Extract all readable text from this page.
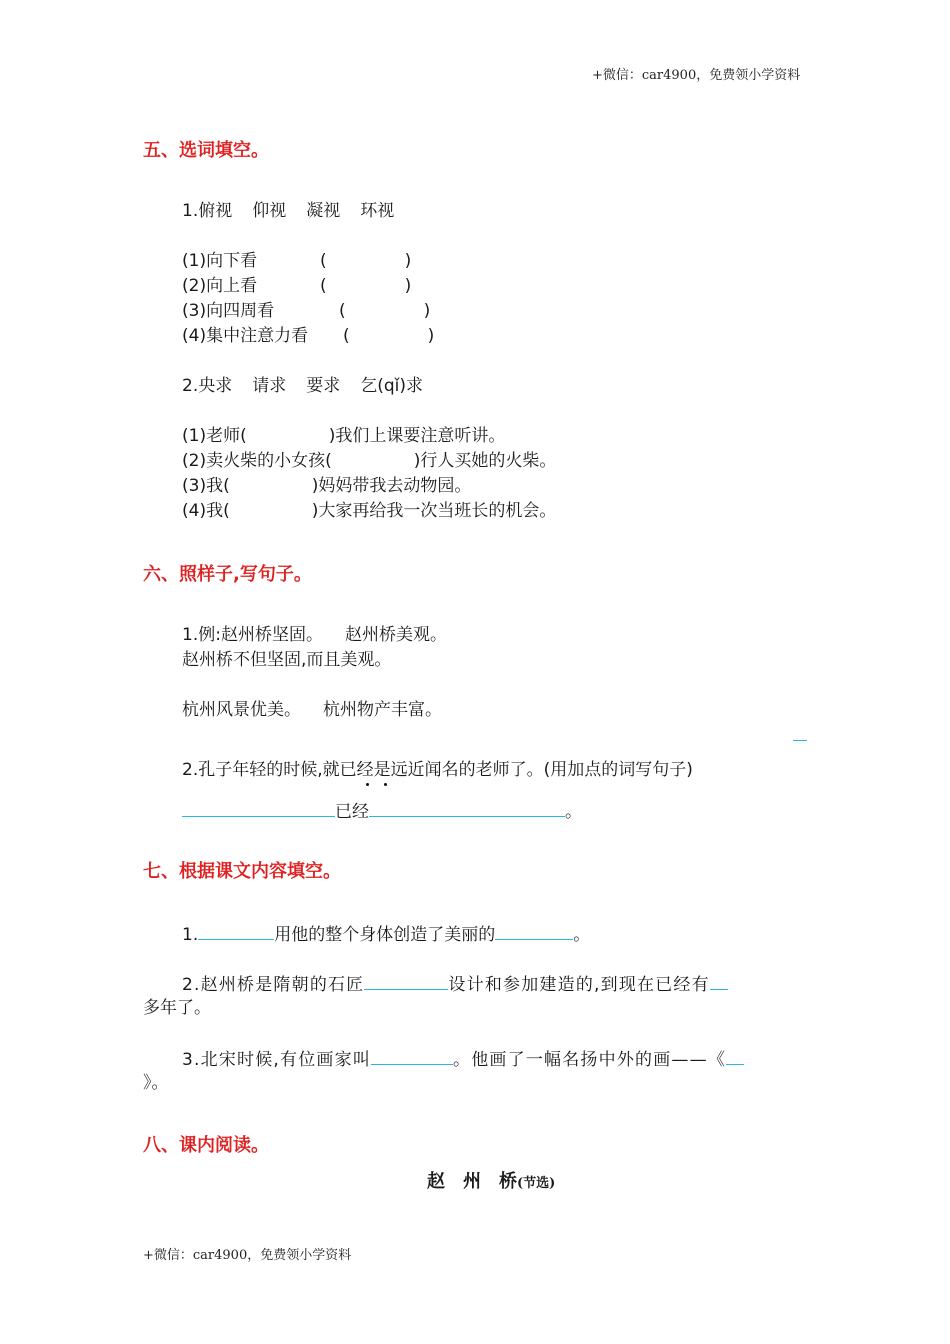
+微信：car4900，免费领小学资料
五、选词填空。
1.俯视 仰视 凝视 环视
(1)向下看	(	)
(2)向上看	(	)
(3)向四周看	(	)
(4)集中注意力看 (	)
2.央求 请求 要求 乞(qǐ)求
(1)老师(	)我们上课要注意听讲。
(2)卖火柴的小女孩(	)行人买她的火柴。
(3)我(	)妈妈带我去动物园。
(4)我(	)大家再给我一次当班长的机会。
六、照样子,写句子。
1.例:赵州桥坚固。 赵州桥美观。
赵州桥不但坚固,而且美观。
杭州风景优美。 杭州物产丰富。
2.孔子年轻的时候,就已经是远近闻名的老师了。(用加点的词写句子)
已经	。
七、根据课文内容填空。
1.	用他的整个身体创造了美丽的	。
2.赵州桥是隋朝的石匠	设计和参加建造的,到现在已经有
多年了。
3.北宋时候,有位画家叫	。他画了一幅名扬中外的画——《
》。
八、课内阅读。
赵　州　桥(节选)
+微信：car4900，免费领小学资料
